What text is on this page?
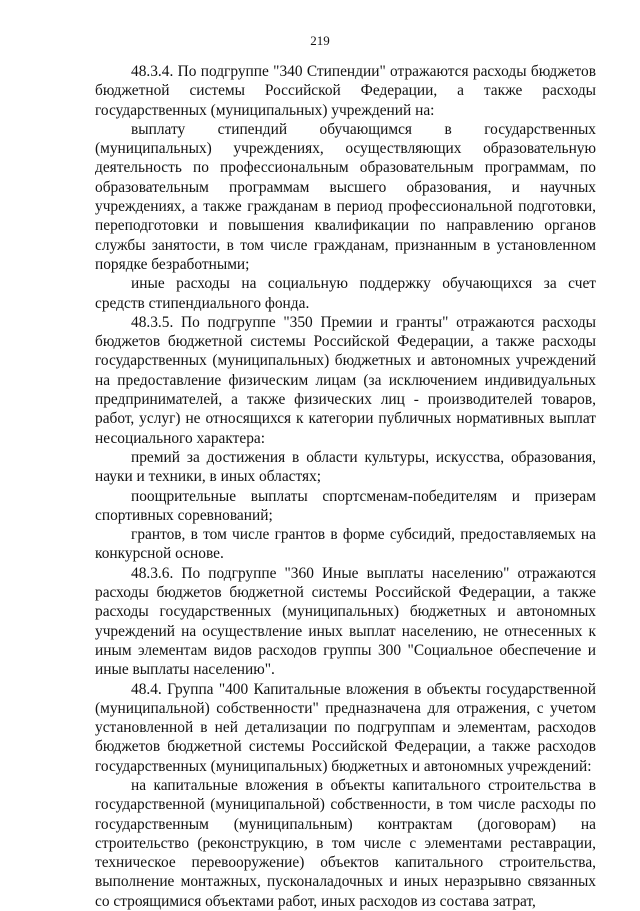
219

48.3.4. По подгруппе "340 Стипендии" отражаются расходы бюджетов бюджетной системы Российской Федерации, а также расходы государственных (муниципальных) учреждений на:

выплату стипендий обучающимся в государственных (муниципальных) учреждениях, осуществляющих образовательную деятельность по профессиональным образовательным программам, по образовательным программам высшего образования, и научных учреждениях, а также гражданам в период профессиональной подготовки, переподготовки и повышения квалификации по направлению органов службы занятости, в том числе гражданам, признанным в установленном порядке безработными;

иные расходы на социальную поддержку обучающихся за счет средств стипендиального фонда.

48.3.5. По подгруппе "350 Премии и гранты" отражаются расходы бюджетов бюджетной системы Российской Федерации, а также расходы государственных (муниципальных) бюджетных и автономных учреждений на предоставление физическим лицам (за исключением индивидуальных предпринимателей, а также физических лиц - производителей товаров, работ, услуг) не относящихся к категории публичных нормативных выплат несоциального характера:

премий за достижения в области культуры, искусства, образования, науки и техники, в иных областях;

поощрительные выплаты спортсменам-победителям и призерам спортивных соревнований;

грантов, в том числе грантов в форме субсидий, предоставляемых на конкурсной основе.

48.3.6. По подгруппе "360 Иные выплаты населению" отражаются расходы бюджетов бюджетной системы Российской Федерации, а также расходы государственных (муниципальных) бюджетных и автономных учреждений на осуществление иных выплат населению, не отнесенных к иным элементам видов расходов группы 300 "Социальное обеспечение и иные выплаты населению".

48.4. Группа "400 Капитальные вложения в объекты государственной (муниципальной) собственности" предназначена для отражения, с учетом установленной в ней детализации по подгруппам и элементам, расходов бюджетов бюджетной системы Российской Федерации, а также расходов государственных (муниципальных) бюджетных и автономных учреждений:

на капитальные вложения в объекты капитального строительства в государственной (муниципальной) собственности, в том числе расходы по государственным (муниципальным) контрактам (договорам) на строительство (реконструкцию, в том числе с элементами реставрации, техническое перевооружение) объектов капитального строительства, выполнение монтажных, пусконаладочных и иных неразрывно связанных со строящимися объектами работ, иных расходов из состава затрат,
